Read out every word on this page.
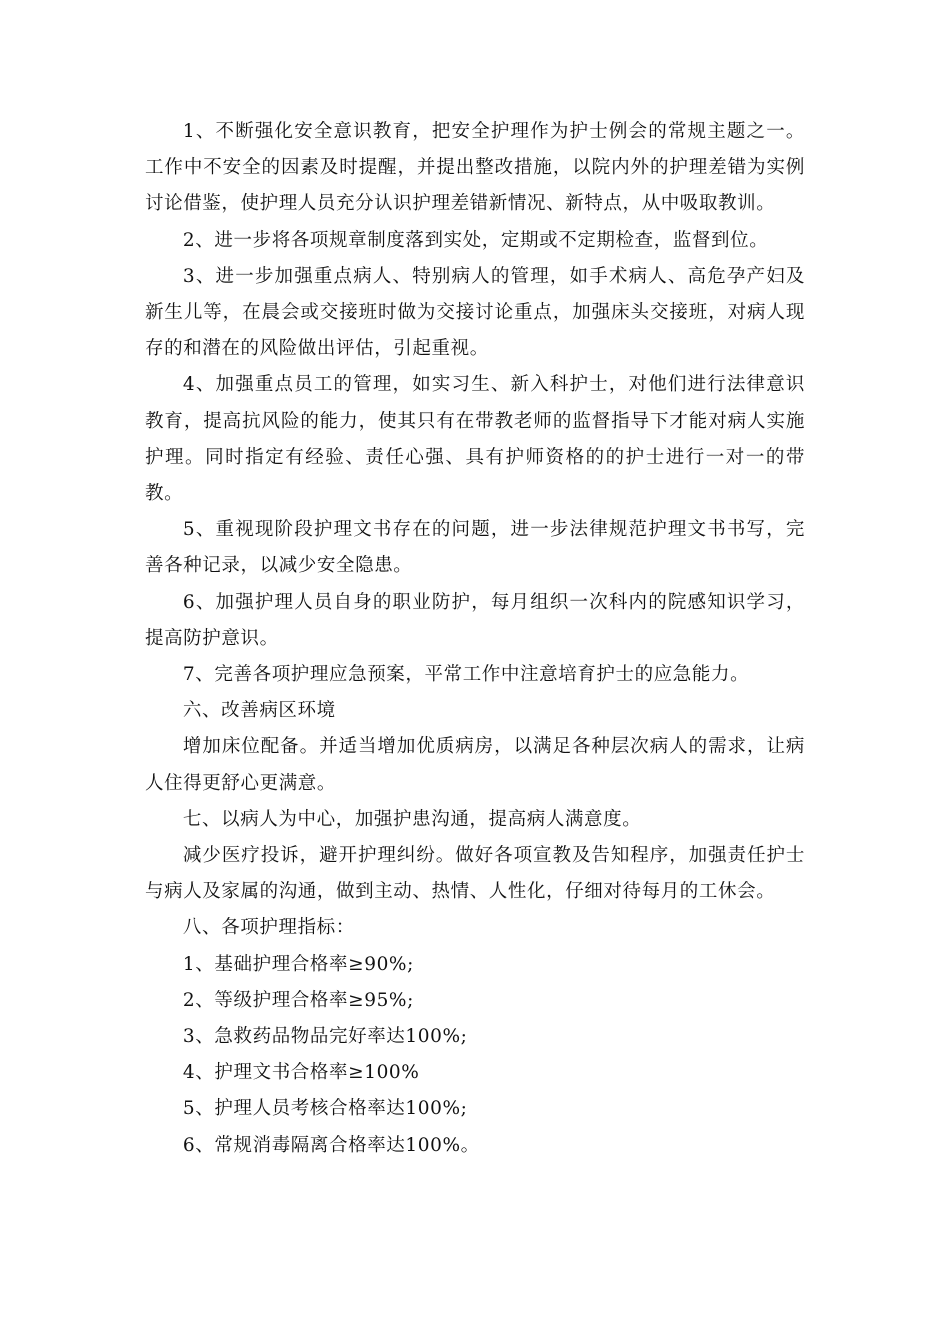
1、不断强化安全意识教育，把安全护理作为护士例会的常规主题之一。工作中不安全的因素及时提醒，并提出整改措施，以院内外的护理差错为实例讨论借鉴，使护理人员充分认识护理差错新情况、新特点，从中吸取教训。

2、进一步将各项规章制度落到实处，定期或不定期检查，监督到位。

3、进一步加强重点病人、特别病人的管理，如手术病人、高危孕产妇及新生儿等，在晨会或交接班时做为交接讨论重点，加强床头交接班，对病人现存的和潜在的风险做出评估，引起重视。

4、加强重点员工的管理，如实习生、新入科护士，对他们进行法律意识教育，提高抗风险的能力，使其只有在带教老师的监督指导下才能对病人实施护理。同时指定有经验、责任心强、具有护师资格的的护士进行一对一的带教。

5、重视现阶段护理文书存在的问题，进一步法律规范护理文书书写，完善各种记录，以减少安全隐患。

6、加强护理人员自身的职业防护，每月组织一次科内的院感知识学习，提高防护意识。

7、完善各项护理应急预案，平常工作中注意培育护士的应急能力。

六、改善病区环境

增加床位配备。并适当增加优质病房，以满足各种层次病人的需求，让病人住得更舒心更满意。

七、以病人为中心，加强护患沟通，提高病人满意度。

减少医疗投诉，避开护理纠纷。做好各项宣教及告知程序，加强责任护士与病人及家属的沟通，做到主动、热情、人性化，仔细对待每月的工休会。

八、各项护理指标：

1、基础护理合格率≥90%;

2、等级护理合格率≥95%;

3、急救药品物品完好率达100%;

4、护理文书合格率≥100%

5、护理人员考核合格率达100%;

6、常规消毒隔离合格率达100%。
